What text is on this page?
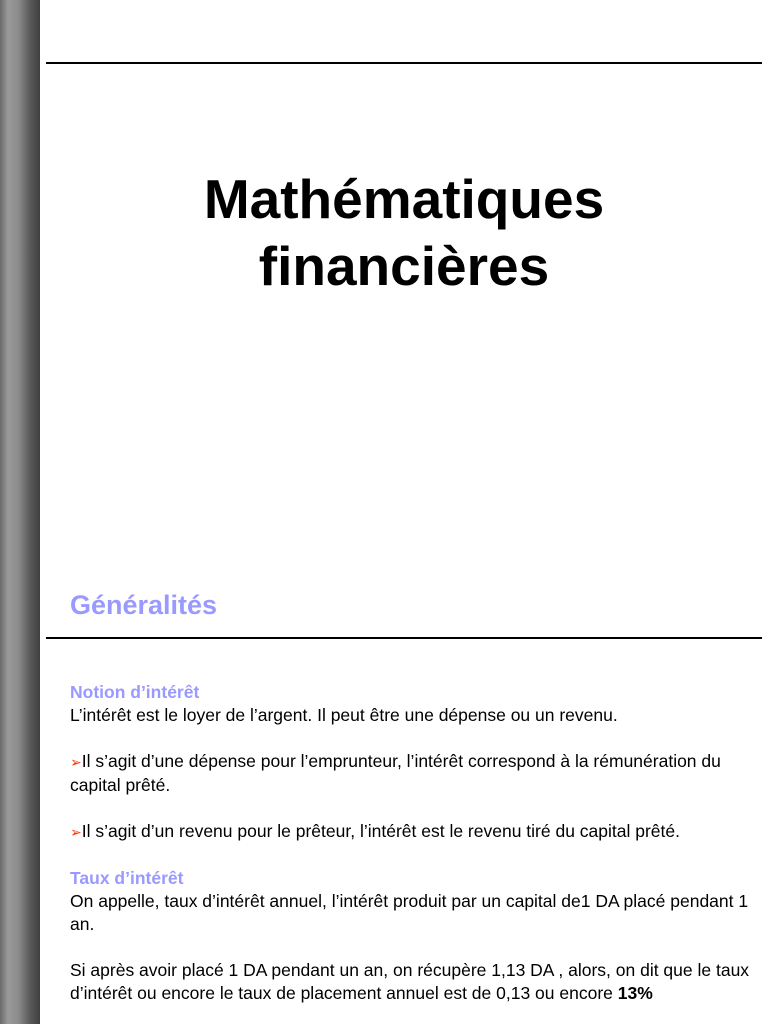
Mathématiques
financières
Généralités
Notion d’intérêt
L’intérêt est le loyer de l’argent. Il peut être une dépense ou un revenu.
➢Il s’agit d’une dépense pour l’emprunteur, l’intérêt correspond à la rémunération du capital prêté.
➢Il s’agit d’un revenu pour le prêteur, l’intérêt est le revenu tiré du capital prêté.
Taux d’intérêt
On appelle, taux d’intérêt annuel, l’intérêt produit par un capital de1 DA placé pendant 1 an.
Si après avoir placé 1 DA pendant un an, on récupère 1,13 DA , alors, on dit que le taux d’intérêt ou encore le taux de placement annuel est de 0,13 ou encore 13%
